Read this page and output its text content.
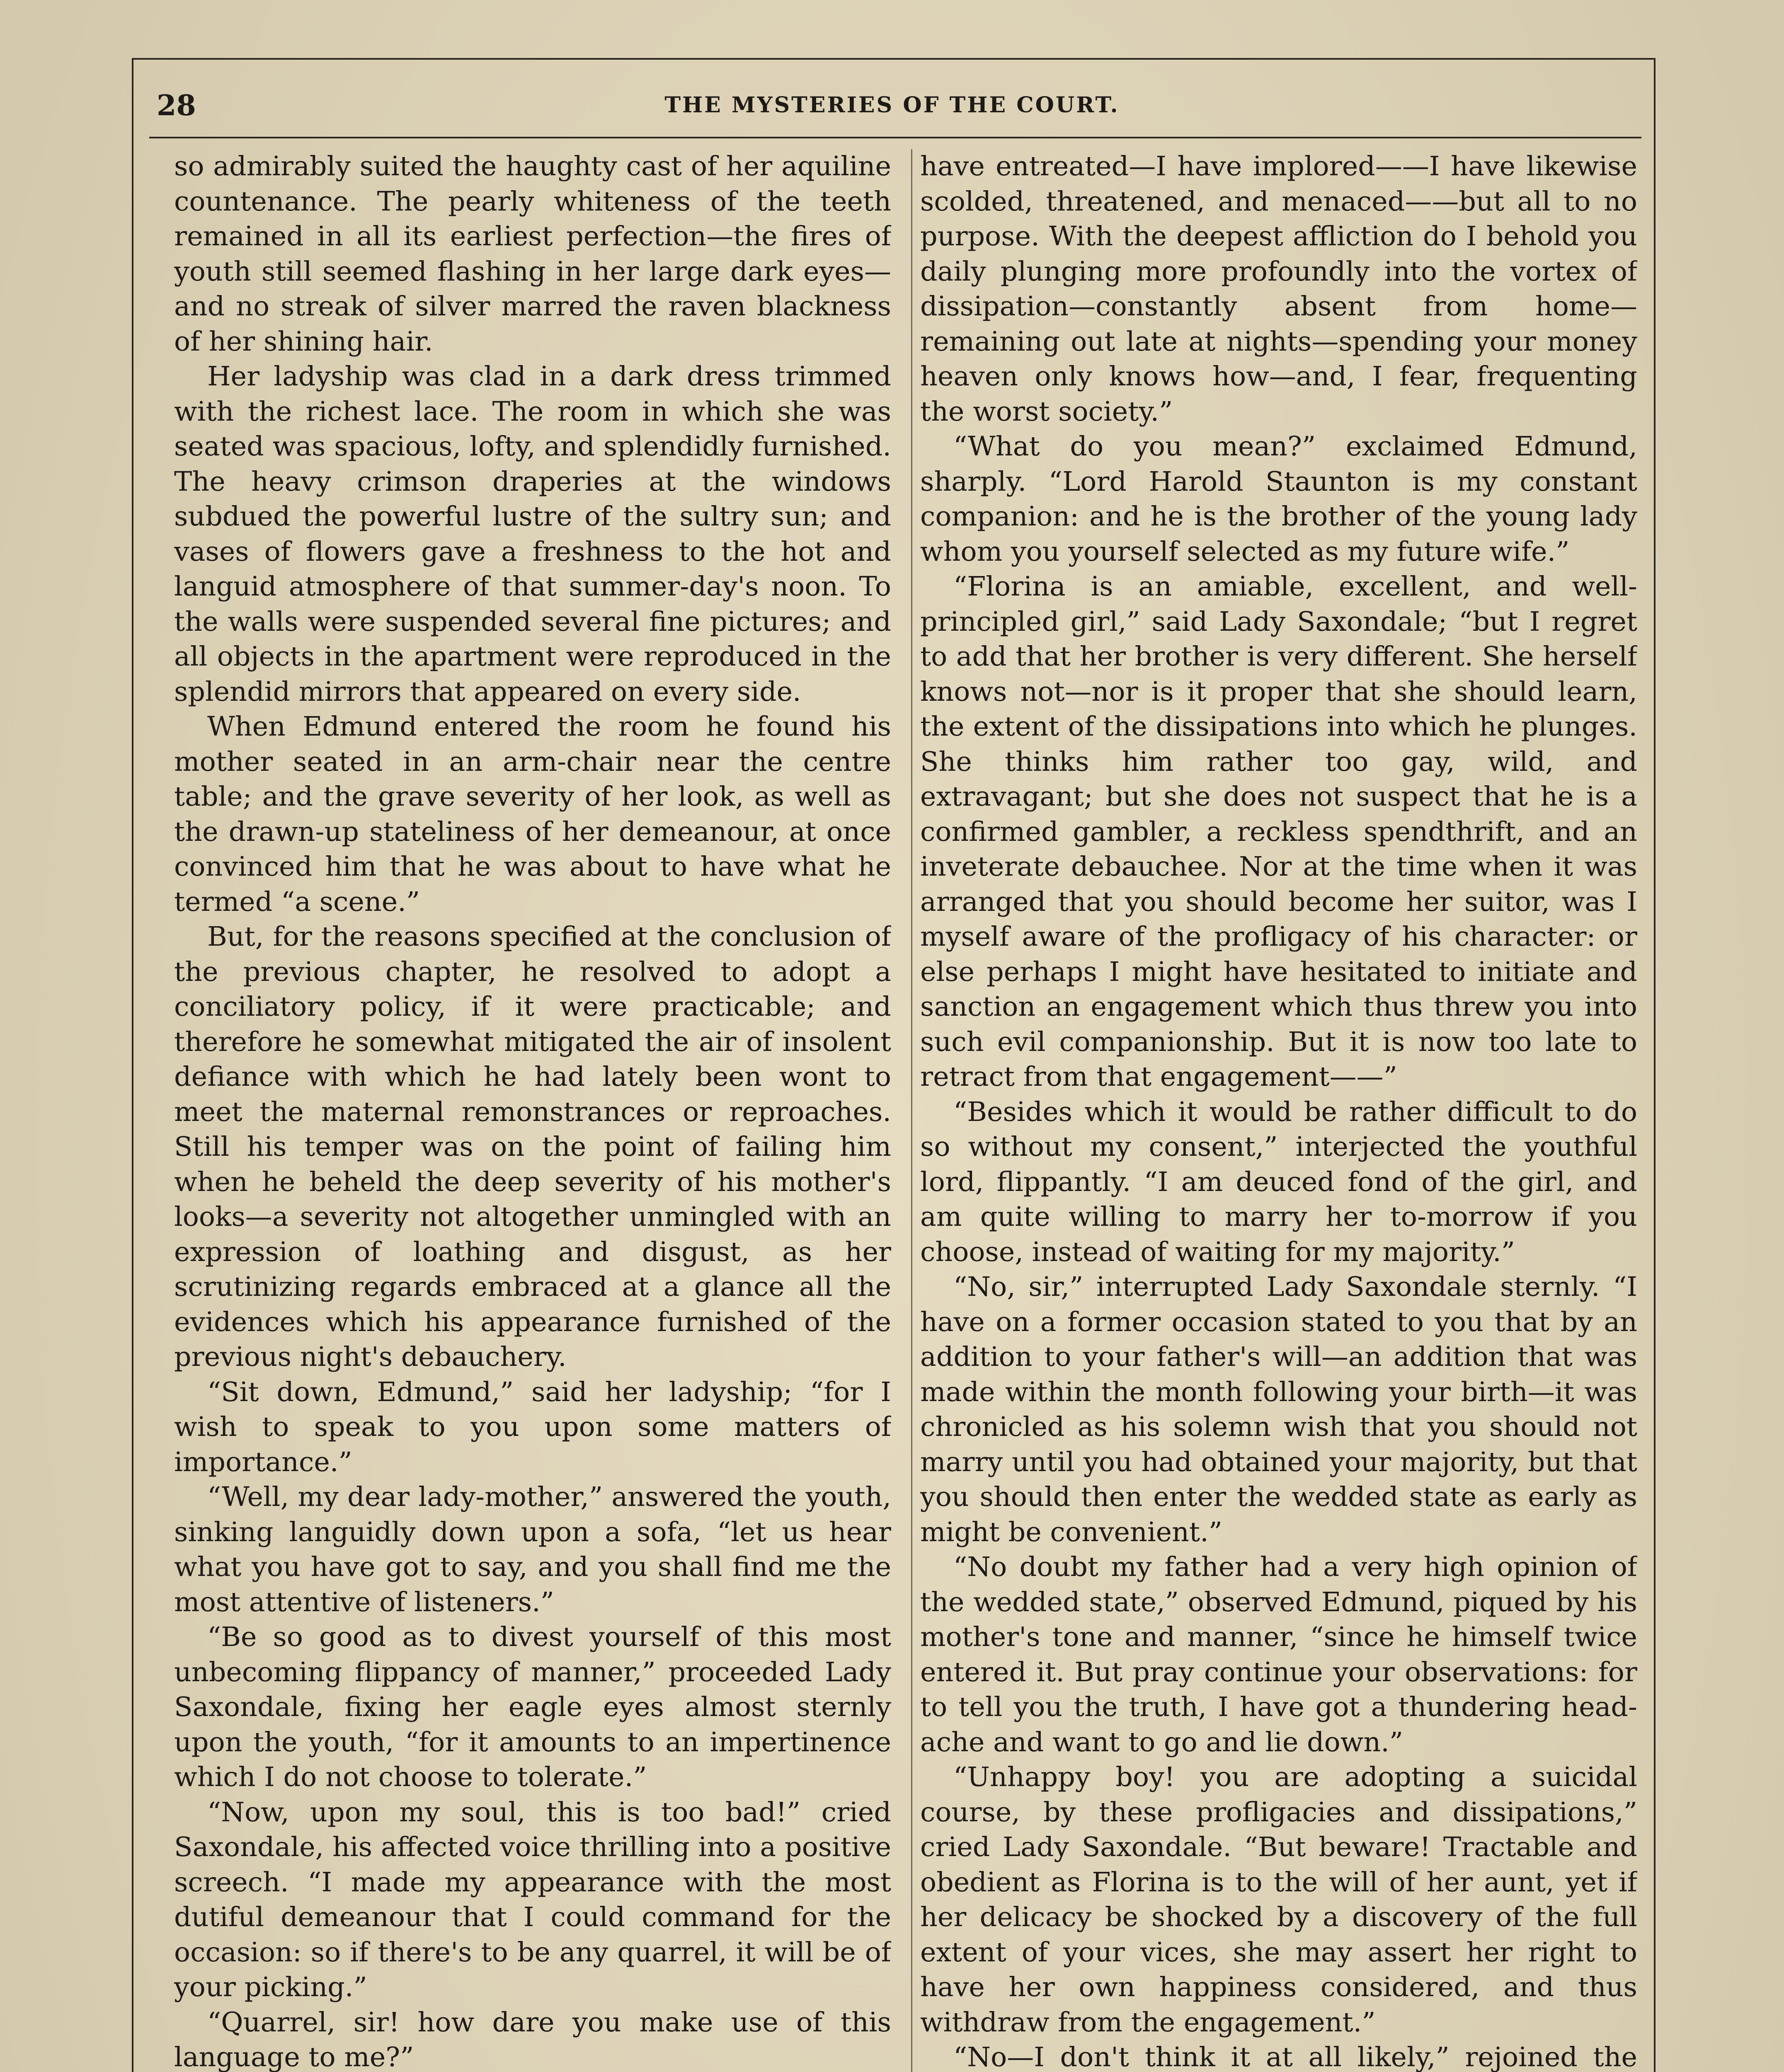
28	THE MYSTERIES OF THE COURT.

so admirably suited the haughty cast of her aquiline countenance. The pearly whiteness of the teeth remained in all its earliest perfection—the fires of youth still seemed flashing in her large dark eyes—and no streak of silver marred the raven blackness of her shining hair.

Her ladyship was clad in a dark dress trimmed with the richest lace. The room in which she was seated was spacious, lofty, and splendidly furnished. The heavy crimson draperies at the windows subdued the powerful lustre of the sultry sun; and vases of flowers gave a freshness to the hot and languid atmosphere of that summer-day's noon. To the walls were suspended several fine pictures; and all objects in the apartment were reproduced in the splendid mirrors that appeared on every side.

When Edmund entered the room he found his mother seated in an arm-chair near the centre table; and the grave severity of her look, as well as the drawn-up stateliness of her demeanour, at once convinced him that he was about to have what he termed “a scene.”

But, for the reasons specified at the conclusion of the previous chapter, he resolved to adopt a conciliatory policy, if it were practicable; and therefore he somewhat mitigated the air of insolent defiance with which he had lately been wont to meet the maternal remonstrances or reproaches. Still his temper was on the point of failing him when he beheld the deep severity of his mother's looks—a severity not altogether unmingled with an expression of loathing and disgust, as her scrutinizing regards embraced at a glance all the evidences which his appearance furnished of the previous night's debauchery.

“Sit down, Edmund,” said her ladyship; “for I wish to speak to you upon some matters of importance.”

“Well, my dear lady-mother,” answered the youth, sinking languidly down upon a sofa, “let us hear what you have got to say, and you shall find me the most attentive of listeners.”

“Be so good as to divest yourself of this most unbecoming flippancy of manner,” proceeded Lady Saxondale, fixing her eagle eyes almost sternly upon the youth, “for it amounts to an impertinence which I do not choose to tolerate.”

“Now, upon my soul, this is too bad!” cried Saxondale, his affected voice thrilling into a positive screech. “I made my appearance with the most dutiful demeanour that I could command for the occasion: so if there's to be any quarrel, it will be of your picking.”

“Quarrel, sir! how dare you make use of this language to me?”

have entreated—I have implored——I have likewise scolded, threatened, and menaced——but all to no purpose. With the deepest affliction do I behold you daily plunging more profoundly into the vortex of dissipation—constantly absent from home—remaining out late at nights—spending your money heaven only knows how—and, I fear, frequenting the worst society.”

“What do you mean?” exclaimed Edmund, sharply. “Lord Harold Staunton is my constant companion: and he is the brother of the young lady whom you yourself selected as my future wife.”

“Florina is an amiable, excellent, and well-principled girl,” said Lady Saxondale; “but I regret to add that her brother is very different. She herself knows not—nor is it proper that she should learn, the extent of the dissipations into which he plunges. She thinks him rather too gay, wild, and extravagant; but she does not suspect that he is a confirmed gambler, a reckless spendthrift, and an inveterate debauchee. Nor at the time when it was arranged that you should become her suitor, was I myself aware of the profligacy of his character: or else perhaps I might have hesitated to initiate and sanction an engagement which thus threw you into such evil companionship. But it is now too late to retract from that engagement——”

“Besides which it would be rather difficult to do so without my consent,” interjected the youthful lord, flippantly. “I am deuced fond of the girl, and am quite willing to marry her to-morrow if you choose, instead of waiting for my majority.”

“No, sir,” interrupted Lady Saxondale sternly. “I have on a former occasion stated to you that by an addition to your father's will—an addition that was made within the month following your birth—it was chronicled as his solemn wish that you should not marry until you had obtained your majority, but that you should then enter the wedded state as early as might be convenient.”

“No doubt my father had a very high opinion of the wedded state,” observed Edmund, piqued by his mother's tone and manner, “since he himself twice entered it. But pray continue your observations: for to tell you the truth, I have got a thundering head-ache and want to go and lie down.”

“Unhappy boy! you are adopting a suicidal course, by these profligacies and dissipations,” cried Lady Saxondale. “But beware! Tractable and obedient as Florina is to the will of her aunt, yet if her delicacy be shocked by a discovery of the full extent of your vices, she may assert her right to have her own happiness considered, and thus withdraw from the engagement.”

“No—I don't think it at all likely,” rejoined the
